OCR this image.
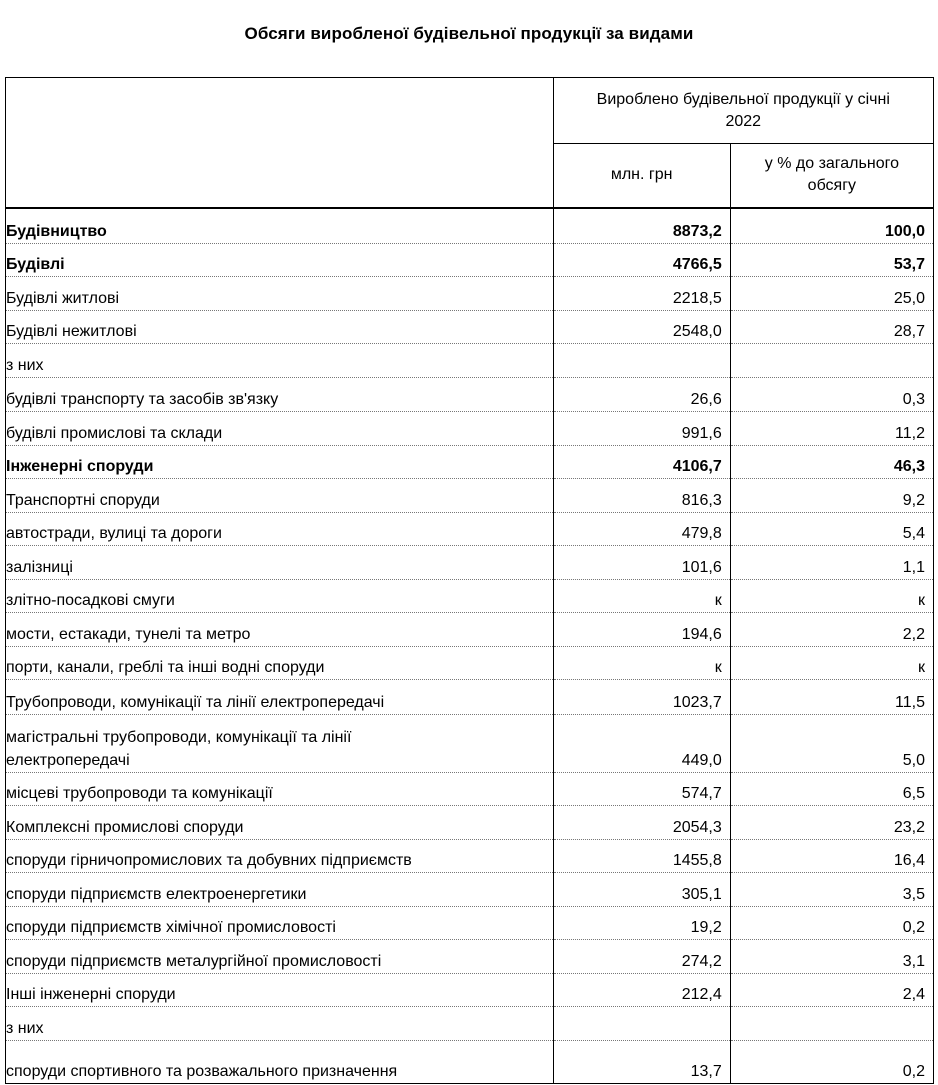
Обсяги виробленої будівельної продукції за видами

	Вироблено будівельної продукції у січні 2022	

	млн. грн	у % до загального обсягу

Будівництво	8873,2	100,0
Будівлі	4766,5	53,7
Будівлі житлові	2218,5	25,0
Будівлі нежитлові	2548,0	28,7
з них		
будівлі транспорту та засобів зв'язку	26,6	0,3
будівлі промислові та склади	991,6	11,2
Інженерні споруди	4106,7	46,3
Транспортні споруди	816,3	9,2
автостради, вулиці та дороги	479,8	5,4
залізниці	101,6	1,1
злітно-посадкові смуги	к	к
мости, естакади, тунелі та метро	194,6	2,2
порти, канали, греблі та інші водні споруди	к	к
Трубопроводи, комунікації та лінії електропередачі	1023,7	11,5

магістральні трубопроводи, комунікації та лінії електропередачі	449,0	5,0
місцеві трубопроводи та комунікації	574,7	6,5
Комплексні промислові споруди	2054,3	23,2
споруди гірничопромислових та добувних підприємств	1455,8	16,4
споруди підприємств електроенергетики	305,1	3,5
споруди підприємств хімічної промисловості	19,2	0,2
споруди підприємств металургійної промисловості	274,2	3,1
Інші інженерні споруди	212,4	2,4
з них		
споруди спортивного та розважального призначення	13,7	0,2
